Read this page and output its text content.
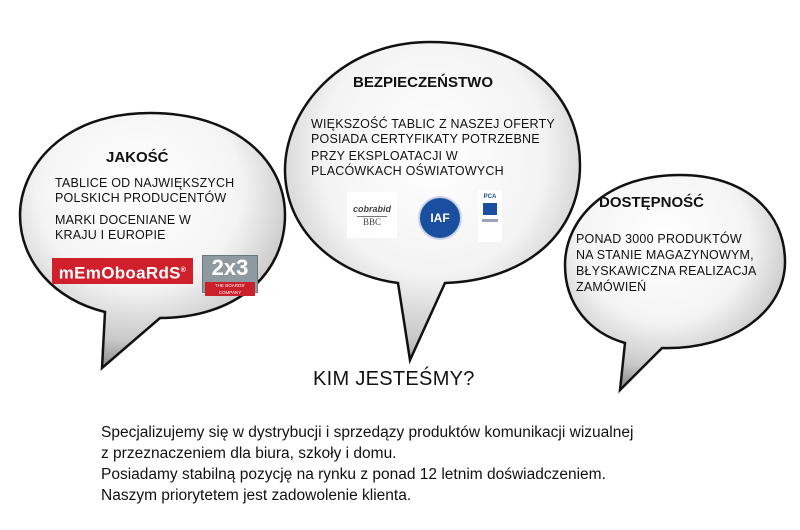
JAKOŚĆ
TABLICE OD NAJWIĘKSZYCH
POLSKICH PRODUCENTÓW
MARKI DOCENIANE W
KRAJU I EUROPIE
mEmOboaRdS®	2x3
THE BOARDS' COMPANY
BEZPIECZEŃSTWO
WIĘKSZOŚĆ TABLIC Z NASZEJ OFERTY
POSIADA CERTYFIKATY POTRZEBNE
PRZY EKSPLOATACJI W
PLACÓWKACH OŚWIATOWYCH
cobrabid
BBC	IAF
PCA	DOSTĘPNOŚĆ
PONAD 3000 PRODUKTÓW
NA STANIE MAGAZYNOWYM,
BŁYSKAWICZNA REALIZACJA
ZAMÓWIEŃ
KIM JESTEŚMY?
Specjalizujemy się w dystrybucji i sprzedązy produktów komunikacji wizualnej
z przeznaczeniem dla biura, szkoły i domu.
Posiadamy stabilną pozycję na rynku z ponad 12 letnim doświadczeniem.
Naszym priorytetem jest zadowolenie klienta.
